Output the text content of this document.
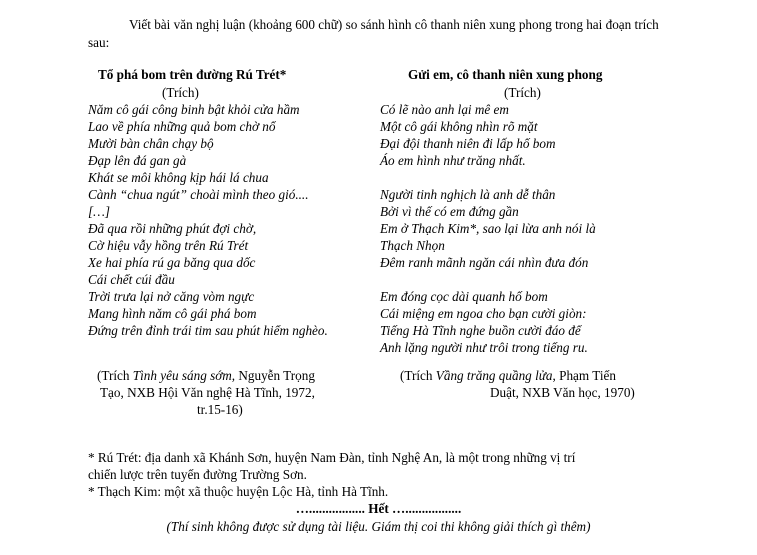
Viết bài văn nghị luận (khoảng 600 chữ) so sánh hình cô thanh niên xung phong trong hai đoạn trích sau:
Tổ phá bom trên đường Rú Trét*
(Trích)
Năm cô gái công binh bật khỏi cửa hầm
Lao về phía những quả bom chờ nổ
Mười bàn chân chạy bộ
Đạp lên đá gan gà
Khát se môi không kịp hái lá chua
Cành “chua ngút” choài mình theo gió....
[…]
Đã qua rồi những phút đợi chờ,
Cờ hiệu vẫy hồng trên Rú Trét
Xe hai phía rú ga băng qua dốc
Cái chết cúi đầu
Trời trưa lại nở căng vòm ngực
Mang hình năm cô gái phá bom
Đứng trên đỉnh trái tim sau phút hiểm nghèo.
Gửi em, cô thanh niên xung phong
(Trích)
Có lẽ nào anh lại mê em
Một cô gái không nhìn rõ mặt
Đại đội thanh niên đi lấp hố bom
Áo em hình như trăng nhất.
Người tinh nghịch là anh dễ thân
Bởi vì thế có em đứng gần
Em ở Thạch Kim*, sao lại lừa anh nói là
Thạch Nhọn
Đêm ranh mãnh ngăn cái nhìn đưa đón
Em đóng cọc dài quanh hố bom
Cái miệng em ngoa cho bạn cười giòn:
Tiếng Hà Tĩnh nghe buồn cười đáo để
Anh lặng người như trôi trong tiếng ru.
(Trích Tình yêu sáng sớm, Nguyễn Trọng
Tạo, NXB Hội Văn nghệ Hà Tĩnh, 1972,
tr.15-16)
(Trích Vầng trăng quầng lửa, Phạm Tiến
Duật, NXB Văn học, 1970)
* Rú Trét: địa danh xã Khánh Sơn, huyện Nam Đàn, tỉnh Nghệ An, là một trong những vị trí
chiến lược trên tuyến đường Trường Sơn.
* Thạch Kim: một xã thuộc huyện Lộc Hà, tỉnh Hà Tĩnh.
…................. Hết ….................
(Thí sinh không được sử dụng tài liệu. Giám thị coi thi không giải thích gì thêm)
